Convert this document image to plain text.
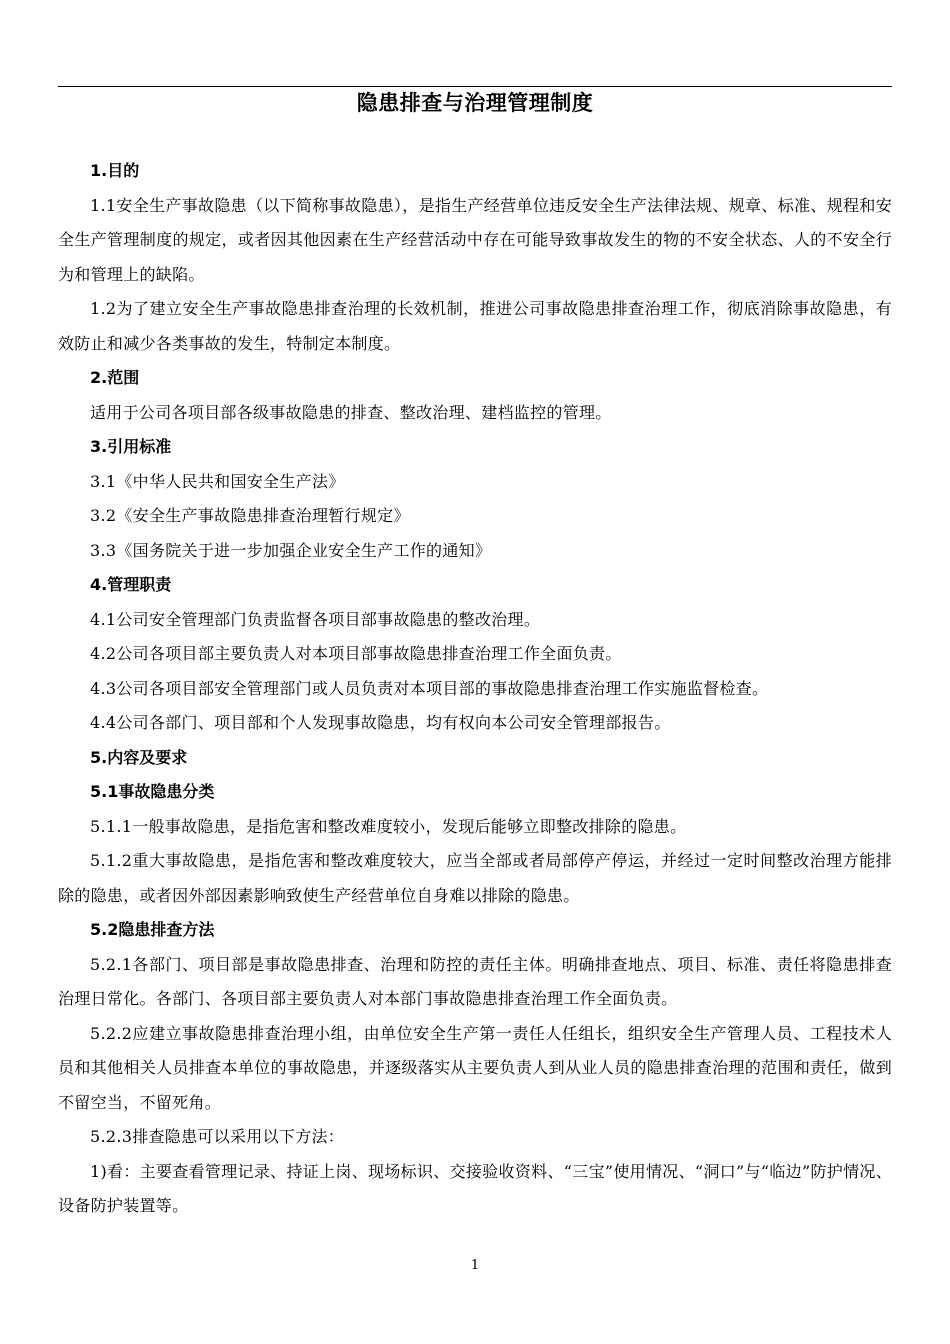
隐患排查与治理管理制度

1.目的

1.1安全生产事故隐患（以下简称事故隐患），是指生产经营单位违反安全生产法律法规、规章、标准、规程和安全生产管理制度的规定，或者因其他因素在生产经营活动中存在可能导致事故发生的物的不安全状态、人的不安全行为和管理上的缺陷。

1.2为了建立安全生产事故隐患排查治理的长效机制，推进公司事故隐患排查治理工作，彻底消除事故隐患，有效防止和减少各类事故的发生，特制定本制度。

2.范围

适用于公司各项目部各级事故隐患的排查、整改治理、建档监控的管理。

3.引用标准

3.1《中华人民共和国安全生产法》

3.2《安全生产事故隐患排查治理暂行规定》

3.3《国务院关于进一步加强企业安全生产工作的通知》

4.管理职责

4.1公司安全管理部门负责监督各项目部事故隐患的整改治理。

4.2公司各项目部主要负责人对本项目部事故隐患排查治理工作全面负责。

4.3公司各项目部安全管理部门或人员负责对本项目部的事故隐患排查治理工作实施监督检查。

4.4公司各部门、项目部和个人发现事故隐患，均有权向本公司安全管理部报告。

5.内容及要求

5.1事故隐患分类

5.1.1一般事故隐患，是指危害和整改难度较小，发现后能够立即整改排除的隐患。

5.1.2重大事故隐患，是指危害和整改难度较大，应当全部或者局部停产停运，并经过一定时间整改治理方能排除的隐患，或者因外部因素影响致使生产经营单位自身难以排除的隐患。

5.2隐患排查方法

5.2.1各部门、项目部是事故隐患排查、治理和防控的责任主体。明确排查地点、项目、标准、责任将隐患排查治理日常化。各部门、各项目部主要负责人对本部门事故隐患排查治理工作全面负责。

5.2.2应建立事故隐患排查治理小组，由单位安全生产第一责任人任组长，组织安全生产管理人员、工程技术人员和其他相关人员排查本单位的事故隐患，并逐级落实从主要负责人到从业人员的隐患排查治理的范围和责任，做到不留空当，不留死角。

5.2.3排查隐患可以采用以下方法：

1)看：主要查看管理记录、持证上岗、现场标识、交接验收资料、“三宝”使用情况、“洞口”与“临边”防护情况、设备防护装置等。

1
